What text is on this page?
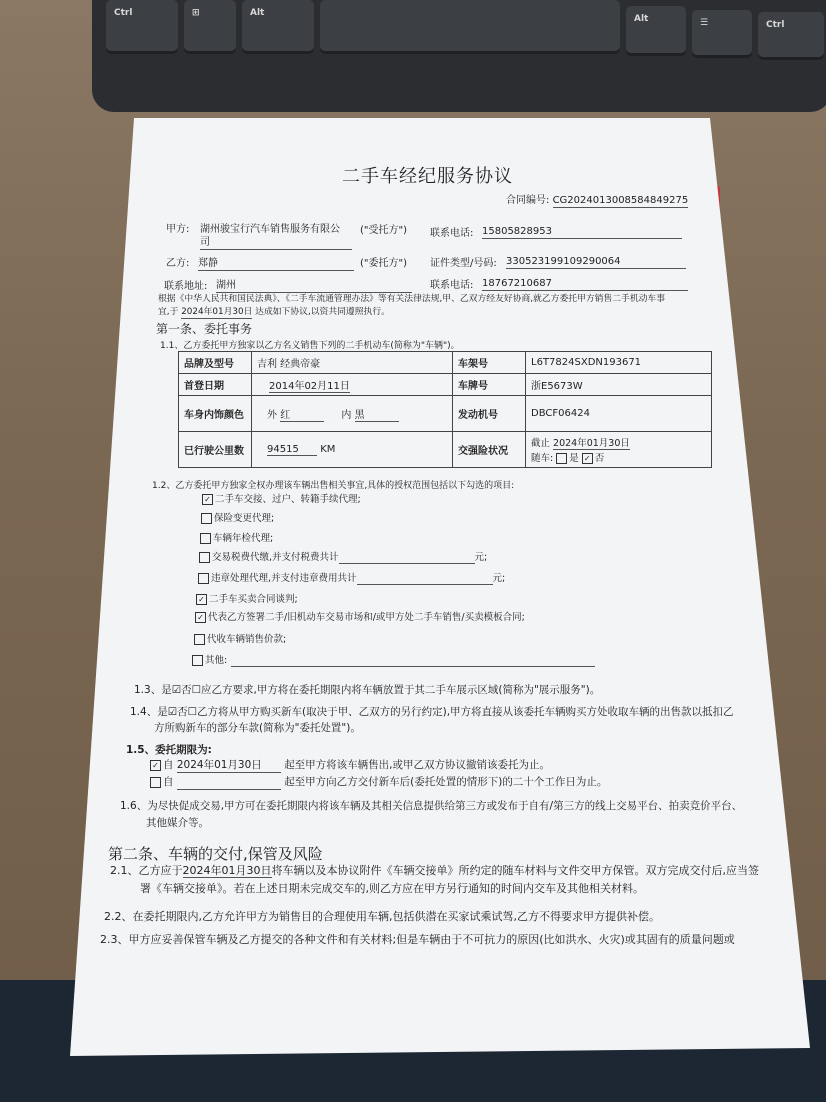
Ctrl	⊞	Alt
Alt	☰	Ctrl
二手车经纪服务协议
合同编号: CG2024013008584849275
甲方: 湖州骏宝行汽车销售服务有限公
司
("受托方") 联系电话: 15805828953
乙方: 郑静	("委托方") 证件类型/号码: 330523199109290064
联系地址: 湖州	联系电话: 18767210687
根据《中华人民共和国民法典》、《二手车流通管理办法》等有关法律法规,甲、乙双方经友好协商,就乙方委托甲方销售二手机动车事
宜,于 2024年01月30日 达成如下协议,以资共同遵照执行。
第一条、委托事务
1.1、乙方委托甲方独家以乙方名义销售下列的二手机动车(简称为"车辆")。
品牌及型号	吉利 经典帝豪	车架号	L6T7824SXDN193671
首登日期	2014年02月11日	车牌号	浙E5673W
车身内饰颜色	外 红 内 黑	发动机号	DBCF06424
已行驶公里数	94515 KM	交强险状况	截止 2024年01月30日
随车: 是 ✓ 否
1.2、乙方委托甲方独家全权办理该车辆出售相关事宜,具体的授权范围包括以下勾选的项目:
✓ 二手车交接、过户、转籍手续代理;
保险变更代理;
车辆年检代理;
交易税费代缴,并支付税费共计	元;
违章处理代理,并支付违章费用共计	元;
✓ 二手车买卖合同谈判;
✓ 代表乙方签署二手/旧机动车交易市场和/或甲方处二手车销售/买卖模板合同;
代收车辆销售价款;
其他:
1.3、是☑否☐应乙方要求,甲方将在委托期限内将车辆放置于其二手车展示区域(简称为"展示服务")。
1.4、是☑否☐乙方将从甲方购买新车(取决于甲、乙双方的另行约定),甲方将直接从该委托车辆购买方处收取车辆的出售款以抵扣乙
方所购新车的部分车款(简称为"委托处置")。
1.5、委托期限为:
✓ 自 2024年01月30日 起至甲方将该车辆售出,或甲乙双方协议撤销该委托为止。
自	起至甲方向乙方交付新车后(委托处置的情形下)的二十个工作日为止。
1.6、为尽快促成交易,甲方可在委托期限内将该车辆及其相关信息提供给第三方或发布于自有/第三方的线上交易平台、拍卖竞价平台、
其他媒介等。
第二条、车辆的交付,保管及风险
2.1、乙方应于2024年01月30日将车辆以及本协议附件《车辆交接单》所约定的随车材料与文件交甲方保管。双方完成交付后,应当签
署《车辆交接单》。若在上述日期未完成交车的,则乙方应在甲方另行通知的时间内交车及其他相关材料。
2.2、在委托期限内,乙方允许甲方为销售目的合理使用车辆,包括供潜在买家试乘试驾,乙方不得要求甲方提供补偿。
2.3、甲方应妥善保管车辆及乙方提交的各种文件和有关材料;但是车辆由于不可抗力的原因(比如洪水、火灾)或其固有的质量问题或
